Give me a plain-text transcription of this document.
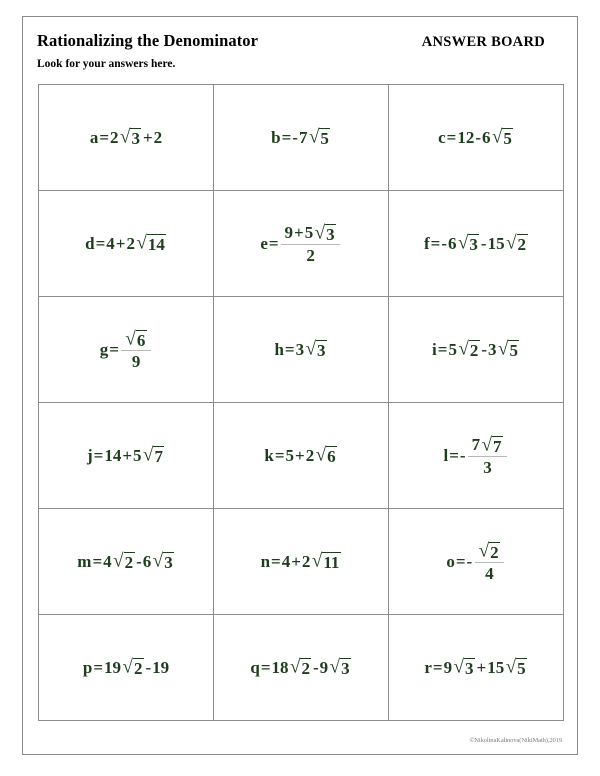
Rationalizing the Denominator	ANSWER BOARD
Look for your answers here.
a = 2 √ 3 + 2	b = - 7 √ 5	c = 12 - 6 √ 5

d = 4 + 2 √ 14	$e = \frac{9 + 5 √ 3}{2}$	f = - 6 √ 3 - 15 √ 2

$g = \frac{√ 6}{9}$	h = 3 √ 3	i = 5 √ 2 - 3 √ 5

j = 14 + 5 √ 7	k = 5 + 2 √ 6	l = - $\frac{7 √ 7}{3}$

m = 4 √ 2 - 6 √ 3	n = 4 + 2 √ 11	o = - $\frac{√ 2}{4}$

p = 19 √ 2 - 19	q = 18 √ 2 - 9 √ 3	r = 9 √ 3 + 15 √ 5
©NikolinaKalinova(NikiMath),2019
